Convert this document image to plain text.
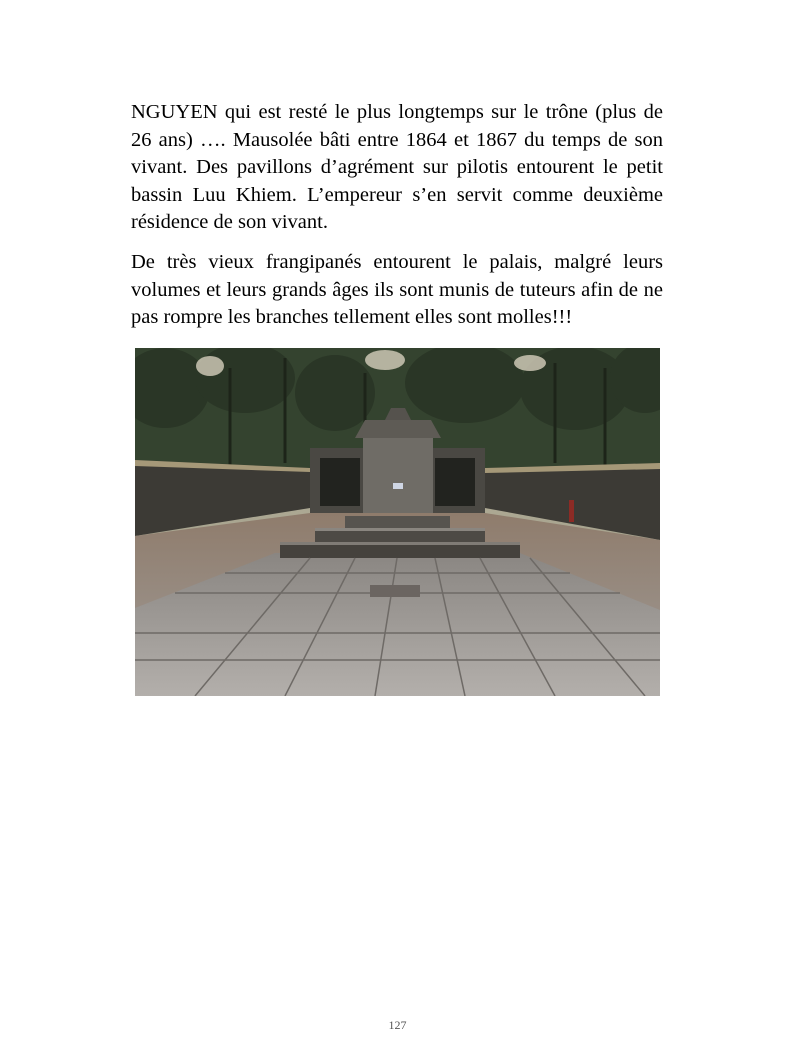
NGUYEN qui est resté le plus longtemps sur le trône (plus de 26 ans) …. Mausolée bâti entre 1864 et 1867 du temps de son vivant. Des pavillons d’agrément sur pilotis entourent le petit bassin Luu Khiem. L’empereur s’en servit comme deuxième résidence de son vivant.

De très vieux frangipanés entourent le palais, malgré leurs volumes et leurs grands âges ils sont munis de tuteurs afin de ne pas rompre les branches tellement elles sont molles!!!

127
